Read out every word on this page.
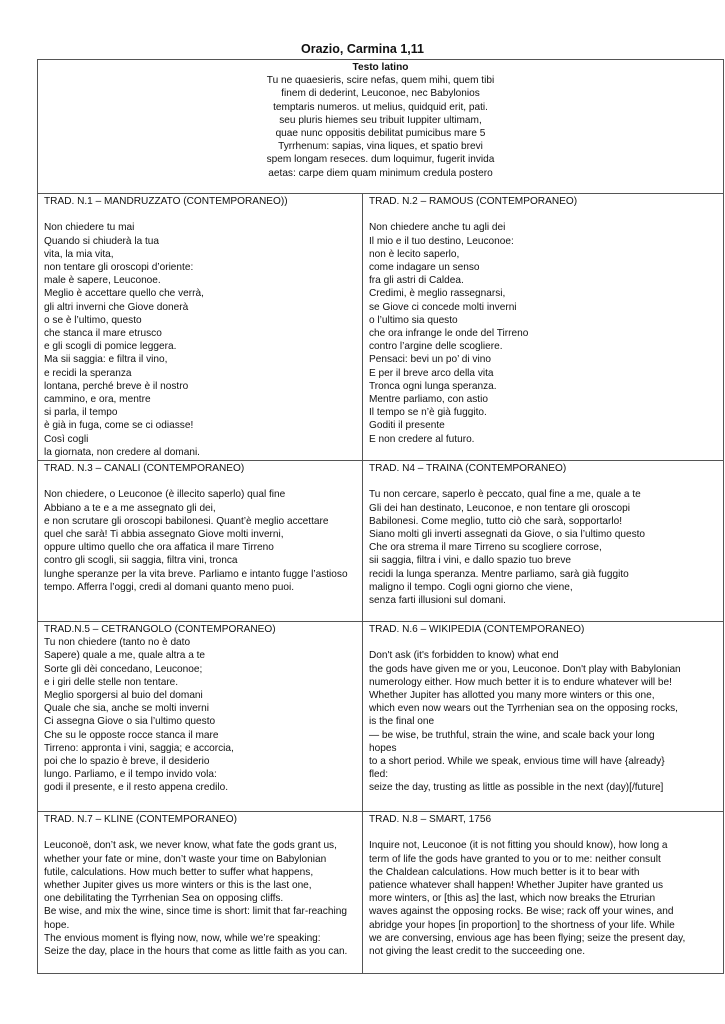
Orazio, Carmina 1,11
Testo latino
Tu ne quaesieris, scire nefas, quem mihi, quem tibi
finem di dederint, Leuconoe, nec Babylonios
temptaris numeros. ut melius, quidquid erit, pati.
seu pluris hiemes seu tribuit Iuppiter ultimam,
quae nunc oppositis debilitat pumicibus mare 5
Tyrrhenum: sapias, vina liques, et spatio brevi
spem longam reseces. dum loquimur, fugerit invida
aetas: carpe diem quam minimum credula postero
TRAD. N.1 – MANDRUZZATO (CONTEMPORANEO))
Non chiedere tu mai
Quando si chiuderà la tua
vita, la mia vita,
non tentare gli oroscopi d’oriente:
male è sapere, Leuconoe.
Meglio è accettare quello che verrà,
gli altri inverni che Giove donerà
o se è l’ultimo, questo
che stanca il mare etrusco
e gli scogli di pomice leggera.
Ma sii saggia: e filtra il vino,
e recidi la speranza
lontana, perché breve è il nostro
cammino, e ora, mentre
si parla, il tempo
è già in fuga, come se ci odiasse!
Così cogli
la giornata, non credere al domani.
TRAD. N.2 – RAMOUS (CONTEMPORANEO)
Non chiedere anche tu agli dei
Il mio e il tuo destino, Leuconoe:
non è lecito saperlo,
come indagare un senso
fra gli astri di Caldea.
Credimi, è meglio rassegnarsi,
se Giove ci concede molti inverni
o l’ultimo sia questo
che ora infrange le onde del Tirreno
contro l’argine delle scogliere.
Pensaci: bevi un po’ di vino
E per il breve arco della vita
Tronca ogni lunga speranza.
Mentre parliamo, con astio
Il tempo se n’è già fuggito.
Goditi il presente
E non credere al futuro.
TRAD. N.3 – CANALI (CONTEMPORANEO)
Non chiedere, o Leuconoe (è illecito saperlo) qual fine
Abbiano a te e a me assegnato gli dei,
e non scrutare gli oroscopi babilonesi. Quant’è meglio accettare
quel che sarà! Ti abbia assegnato Giove molti inverni,
oppure ultimo quello che ora affatica il mare Tirreno
contro gli scogli, sii saggia, filtra vini, tronca
lunghe speranze per la vita breve. Parliamo e intanto fugge l’astioso
tempo. Afferra l’oggi, credi al domani quanto meno puoi.
TRAD. N4 – TRAINA (CONTEMPORANEO)
Tu non cercare, saperlo è peccato, qual fine a me, quale a te
Gli dei han destinato, Leuconoe, e non tentare gli oroscopi
Babilonesi. Come meglio, tutto ciò che sarà, sopportarlo!
Siano molti gli inverti assegnati da Giove, o sia l’ultimo questo
Che ora strema il mare Tirreno su scogliere corrose,
sii saggia, filtra i vini, e dallo spazio tuo breve
recidi la lunga speranza. Mentre parliamo, sarà già fuggito
maligno il tempo. Cogli ogni giorno che viene,
senza farti illusioni sul domani.
TRAD.N.5 – CETRANGOLO (CONTEMPORANEO)
Tu non chiedere (tanto no è dato
Sapere) quale a me, quale altra a te
Sorte gli dèi concedano, Leuconoe;
e i giri delle stelle non tentare.
Meglio sporgersi al buio del domani
Quale che sia, anche se molti inverni
Ci assegna Giove o sia l’ultimo questo
Che su le opposte rocce stanca il mare
Tirreno: appronta i vini, saggia; e accorcia,
poi che lo spazio è breve, il desiderio
lungo. Parliamo, e il tempo invido vola:
godi il presente, e il resto appena credilo.
TRAD. N.6 – WIKIPEDIA (CONTEMPORANEO)
Don't ask (it's forbidden to know) what end
the gods have given me or you, Leuconoe. Don't play with Babylonian
numerology either. How much better it is to endure whatever will be!
Whether Jupiter has allotted you many more winters or this one,
which even now wears out the Tyrrhenian sea on the opposing rocks,
is the final one
— be wise, be truthful, strain the wine, and scale back your long
hopes
to a short period. While we speak, envious time will have {already}
fled:
seize the day, trusting as little as possible in the next (day)[/future]
TRAD. N.7 – KLINE (CONTEMPORANEO)
Leuconoë, don’t ask, we never know, what fate the gods grant us,
whether your fate or mine, don’t waste your time on Babylonian
futile, calculations. How much better to suffer what happens,
whether Jupiter gives us more winters or this is the last one,
one debilitating the Tyrrhenian Sea on opposing cliffs.
Be wise, and mix the wine, since time is short: limit that far-reaching
hope.
The envious moment is flying now, now, while we’re speaking:
Seize the day, place in the hours that come as little faith as you can.
TRAD. N.8 – SMART, 1756
Inquire not, Leuconoe (it is not fitting you should know), how long a
term of life the gods have granted to you or to me: neither consult
the Chaldean calculations. How much better is it to bear with
patience whatever shall happen! Whether Jupiter have granted us
more winters, or [this as] the last, which now breaks the Etrurian
waves against the opposing rocks. Be wise; rack off your wines, and
abridge your hopes [in proportion] to the shortness of your life. While
we are conversing, envious age has been flying; seize the present day,
not giving the least credit to the succeeding one.
